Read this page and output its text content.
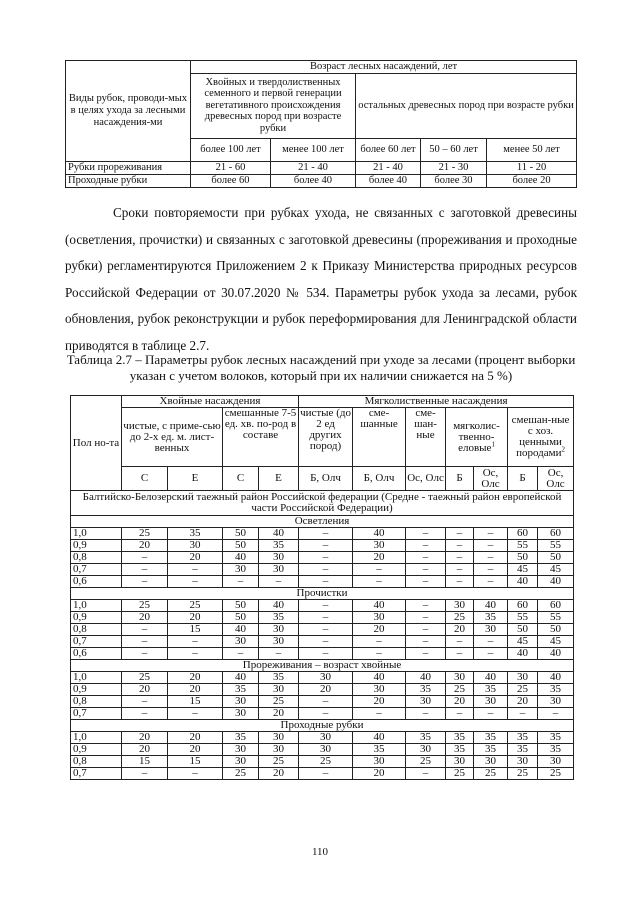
Виды рубок, проводи-мых в целях ухода за лесными насаждения-ми	Возраст лесных насаждений, лет				
	Хвойных и твердолиственных семенного и первой генерации вегетативного происхождения древесных пород при возрасте рубки		остальных древесных пород при возрасте рубки		
	более 100 лет	менее 100 лет	более 60 лет	50 – 60 лет	менее 50 лет
Рубки прореживания	21 - 60	21 - 40	21 - 40	21 - 30	11 - 20
Проходные рубки	более 60	более 40	более 40	более 30	более 20

Сроки повторяемости при рубках ухода, не связанных с заготовкой древесины (осветления, прочистки) и связанных с заготовкой древесины (прореживания и проходные рубки) регламентируются Приложением 2 к Приказу Министерства природных ресурсов Российской Федерации от 30.07.2020 № 534. Параметры рубок ухода за лесами, рубок обновления, рубок реконструкции и рубок переформирования для Ленинградской области приводятся в таблице 2.7.

Таблица 2.7 – Параметры рубок лесных насаждений при уходе за лесами (процент выборки указан с учетом волоков, который при их наличии снижается на 5 %)

Пол но-та	Хвойные насаждения				Мягколиственные насаждения						
	чистые, с приме-сью до 2-х ед. м. лист-венных		смешанные 7-5 ед. хв. по-род в составе		чистые (до 2 ед других пород)	сме-шанные	сме-шан-ные	мягколис-твенно-еловые$^1$		смешан-ные с хоз. ценными породами$^2$
	С	Е	С	Е	Б, Олч	Б, Олч	Ос, Олс	Б	Ос, Олс	Б	Ос, Олс
Балтийско-Белозерский таежный район Российской федерации (Средне - таежный район европейской части Российской Федерации)											
Осветления											
1,0	25	35	50	40	–	40	–	–	–	60	60
0,9	20	30	50	35	–	30	–	–	–	55	55
0,8	–	20	40	30	–	20	–	–	–	50	50
0,7	–	–	30	30	–	–	–	–	–	45	45
0,6	–	–	–	–	–	–	–	–	–	40	40
Прочистки											
1,0	25	25	50	40	–	40	–	30	40	60	60
0,9	20	20	50	35	–	30	–	25	35	55	55
0,8	–	15	40	30	–	20	–	20	30	50	50
0,7	–	–	30	30	–	–	–	–	–	45	45
0,6	–	–	–	–	–	–	–	–	–	40	40
Прореживания – возраст хвойные											
1,0	25	20	40	35	30	40	40	30	40	30	40
0,9	20	20	35	30	20	30	35	25	35	25	35
0,8	–	15	30	25	–	20	30	20	30	20	30
0,7	–	–	30	20	–	–	–	–	–	–	–
Проходные рубки											
1,0	20	20	35	30	30	40	35	35	35	35	35
0,9	20	20	30	30	30	35	30	35	35	35	35
0,8	15	15	30	25	25	30	25	30	30	30	30
0,7	–	–	25	20	–	20	–	25	25	25	25
110
